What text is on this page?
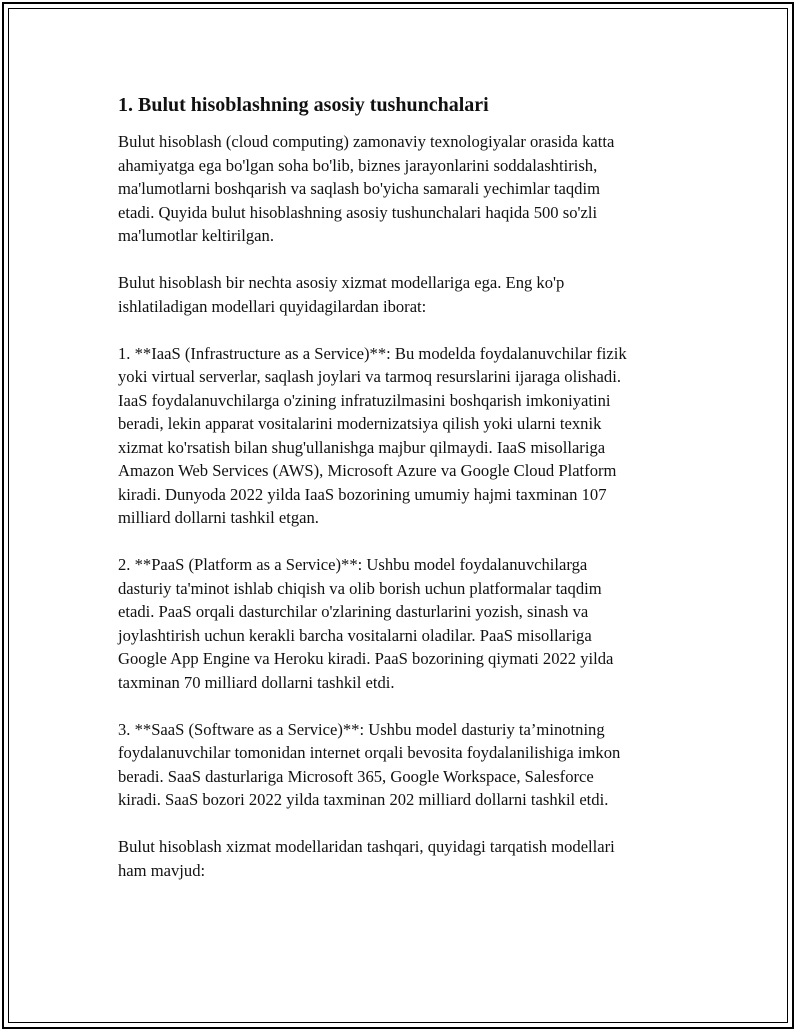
1. Bulut hisoblashning asosiy tushunchalari

Bulut hisoblash (cloud computing) zamonaviy texnologiyalar orasida katta
ahamiyatga ega bo'lgan soha bo'lib, biznes jarayonlarini soddalashtirish,
ma'lumotlarni boshqarish va saqlash bo'yicha samarali yechimlar taqdim
etadi. Quyida bulut hisoblashning asosiy tushunchalari haqida 500 so'zli
ma'lumotlar keltirilgan.

Bulut hisoblash bir nechta asosiy xizmat modellariga ega. Eng ko'p
ishlatiladigan modellari quyidagilardan iborat:

1. **IaaS (Infrastructure as a Service)**: Bu modelda foydalanuvchilar fizik
yoki virtual serverlar, saqlash joylari va tarmoq resurslarini ijaraga olishadi.
IaaS foydalanuvchilarga o'zining infratuzilmasini boshqarish imkoniyatini
beradi, lekin apparat vositalarini modernizatsiya qilish yoki ularni texnik
xizmat ko'rsatish bilan shug'ullanishga majbur qilmaydi. IaaS misollariga
Amazon Web Services (AWS), Microsoft Azure va Google Cloud Platform
kiradi. Dunyoda 2022 yilda IaaS bozorining umumiy hajmi taxminan 107
milliard dollarni tashkil etgan.

2. **PaaS (Platform as a Service)**: Ushbu model foydalanuvchilarga
dasturiy ta'minot ishlab chiqish va olib borish uchun platformalar taqdim
etadi. PaaS orqali dasturchilar o'zlarining dasturlarini yozish, sinash va
joylashtirish uchun kerakli barcha vositalarni oladilar. PaaS misollariga
Google App Engine va Heroku kiradi. PaaS bozorining qiymati 2022 yilda
taxminan 70 milliard dollarni tashkil etdi.

3. **SaaS (Software as a Service)**: Ushbu model dasturiy ta’minotning
foydalanuvchilar tomonidan internet orqali bevosita foydalanilishiga imkon
beradi. SaaS dasturlariga Microsoft 365, Google Workspace, Salesforce
kiradi. SaaS bozori 2022 yilda taxminan 202 milliard dollarni tashkil etdi.

Bulut hisoblash xizmat modellaridan tashqari, quyidagi tarqatish modellari
ham mavjud:
